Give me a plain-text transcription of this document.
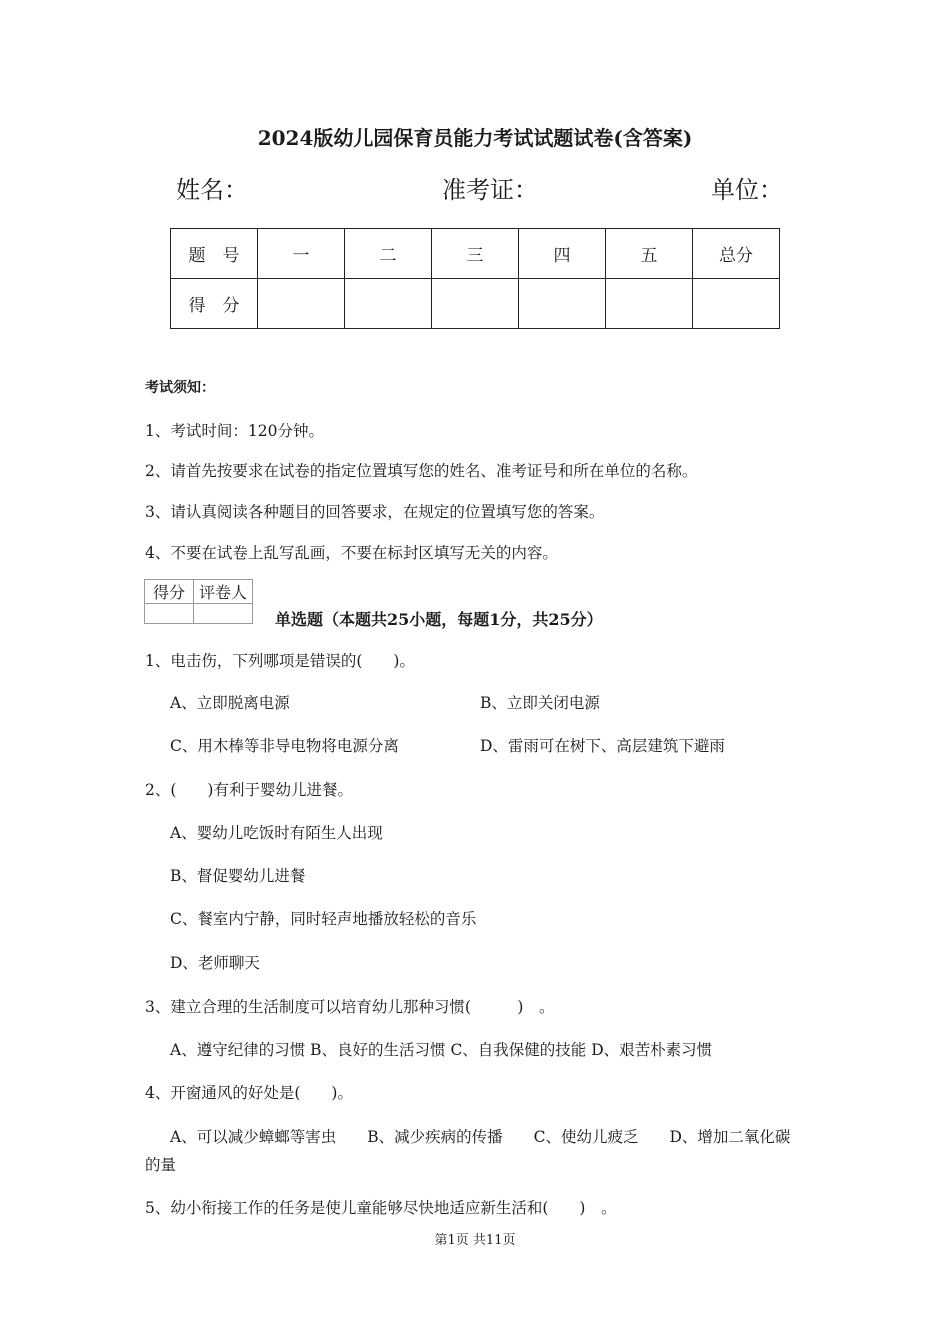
2024版幼儿园保育员能力考试试题试卷(含答案)
姓名：	准考证：	单位：
题　号	一	二	三	四	五	总分
得　分						
考试须知：
1、考试时间：120分钟。
2、请首先按要求在试卷的指定位置填写您的姓名、准考证号和所在单位的名称。
3、请认真阅读各种题目的回答要求，在规定的位置填写您的答案。
4、不要在试卷上乱写乱画，不要在标封区填写无关的内容。
得分	评卷人

单选题（本题共25小题，每题1分，共25分）
1、电击伤，下列哪项是错误的(　　)。
A、立即脱离电源	B、立即关闭电源
C、用木棒等非导电物将电源分离	D、雷雨可在树下、高层建筑下避雨
2、(　　)有利于婴幼儿进餐。
A、婴幼儿吃饭时有陌生人出现
B、督促婴幼儿进餐
C、餐室内宁静，同时轻声地播放轻松的音乐
D、老师聊天
3、建立合理的生活制度可以培育幼儿那种习惯(　　　)　。
A、遵守纪律的习惯 B、良好的生活习惯 C、自我保健的技能 D、艰苦朴素习惯
4、开窗通风的好处是(　　)。
A、可以减少蟑螂等害虫　　B、减少疾病的传播　　C、使幼儿疲乏　　D、增加二氧化碳
的量
5、幼小衔接工作的任务是使儿童能够尽快地适应新生活和(　　)　。
第1页 共11页
